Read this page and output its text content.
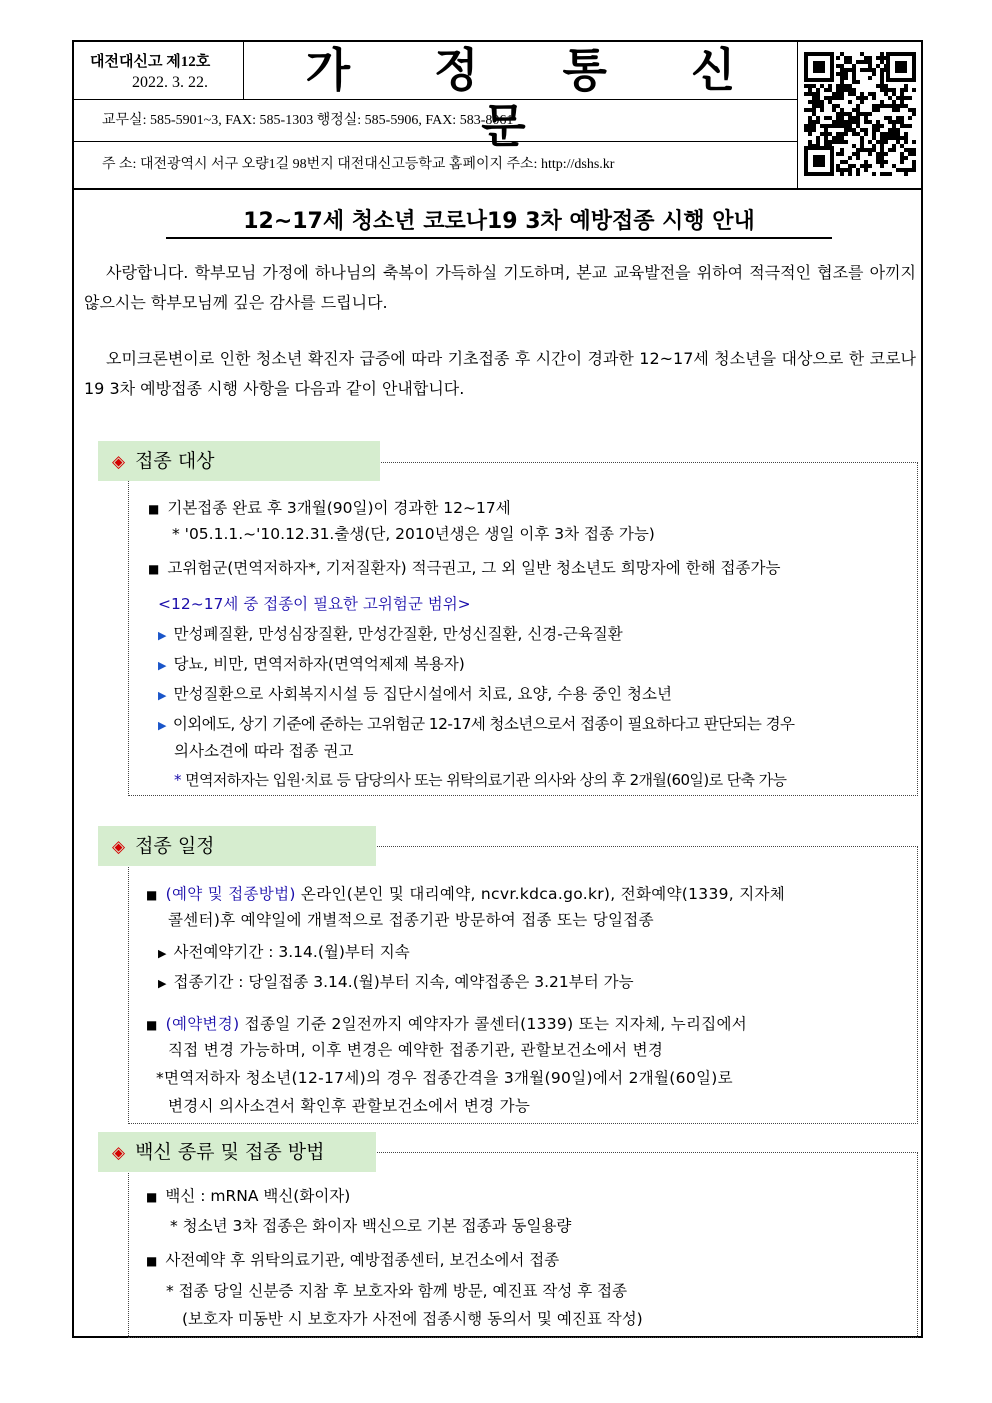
대전대신고 제12호
2022. 3. 22.	가 정 통 신 문
교무실: 585-5901~3, FAX: 585-1303 행정실: 585-5906, FAX: 583-8061
주 소: 대전광역시 서구 오량1길 98번지 대전대신고등학교 홈페이지 주소: http://dshs.kr
12~17세 청소년 코로나19 3차 예방접종 시행 안내
사랑합니다. 학부모님 가정에 하나님의 축복이 가득하실 기도하며, 본교 교육발전을 위하여 적극적인 협조를 아끼지 않으시는 학부모님께 깊은 감사를 드립니다.
오미크론변이로 인한 청소년 확진자 급증에 따라 기초접종 후 시간이 경과한 12~17세 청소년을 대상으로 한 코로나19 3차 예방접종 시행 사항을 다음과 같이 안내합니다.
◈ 접종 대상
■ 기본접종 완료 후 3개월(90일)이 경과한 12~17세
* '05.1.1.~'10.12.31.출생(단, 2010년생은 생일 이후 3차 접종 가능)
■ 고위험군(면역저하자*, 기저질환자) 적극권고, 그 외 일반 청소년도 희망자에 한해 접종가능
<12~17세 중 접종이 필요한 고위험군 범위>
▶ 만성폐질환, 만성심장질환, 만성간질환, 만성신질환, 신경-근육질환
▶ 당뇨, 비만, 면역저하자(면역억제제 복용자)
▶ 만성질환으로 사회복지시설 등 집단시설에서 치료, 요양, 수용 중인 청소년
▶ 이외에도, 상기 기준에 준하는 고위험군 12-17세 청소년으로서 접종이 필요하다고 판단되는 경우
의사소견에 따라 접종 권고
* 면역저하자는 입원·치료 등 담당의사 또는 위탁의료기관 의사와 상의 후 2개월(60일)로 단축 가능
◈ 접종 일정
■ (예약 및 접종방법) 온라인(본인 및 대리예약, ncvr.kdca.go.kr), 전화예약(1339, 지자체
콜센터)후 예약일에 개별적으로 접종기관 방문하여 접종 또는 당일접종
▶ 사전예약기간 : 3.14.(월)부터 지속
▶ 접종기간 : 당일접종 3.14.(월)부터 지속, 예약접종은 3.21부터 가능
■ (예약변경) 접종일 기준 2일전까지 예약자가 콜센터(1339) 또는 지자체, 누리집에서
직접 변경 가능하며, 이후 변경은 예약한 접종기관, 관할보건소에서 변경
*면역저하자 청소년(12-17세)의 경우 접종간격을 3개월(90일)에서 2개월(60일)로
변경시 의사소견서 확인후 관할보건소에서 변경 가능
◈ 백신 종류 및 접종 방법
■ 백신 : mRNA 백신(화이자)
* 청소년 3차 접종은 화이자 백신으로 기본 접종과 동일용량
■ 사전예약 후 위탁의료기관, 예방접종센터, 보건소에서 접종
* 접종 당일 신분증 지참 후 보호자와 함께 방문, 예진표 작성 후 접종
(보호자 미동반 시 보호자가 사전에 접종시행 동의서 및 예진표 작성)
